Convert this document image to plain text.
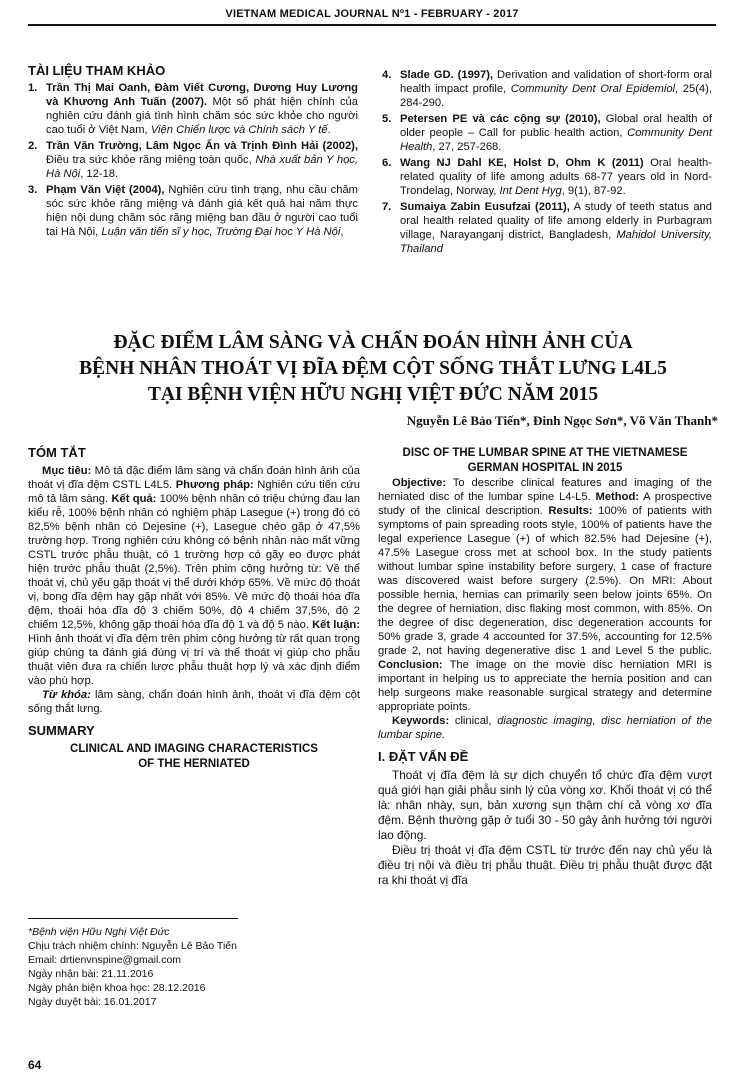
VIETNAM MEDICAL JOURNAL Nº1 - FEBRUARY - 2017
TÀI LIỆU THAM KHẢO
1. Trần Thị Mai Oanh, Đàm Viết Cương, Dương Huy Lương và Khương Anh Tuấn (2007). Một số phát hiện chính của nghiên cứu đánh giá tình hình chăm sóc sức khỏe cho người cao tuổi ở Việt Nam, Viện Chiến lược và Chính sách Y tế.
2. Trần Văn Trường, Lâm Ngọc Ấn và Trịnh Đình Hải (2002), Điều tra sức khỏe răng miệng toàn quốc, Nhà xuất bản Y học, Hà Nội, 12-18.
3. Phạm Văn Việt (2004), Nghiên cứu tình trạng, nhu cầu chăm sóc sức khỏe răng miệng và đánh giá kết quả hai năm thực hiện nội dung chăm sóc răng miệng ban đầu ở người cao tuổi tại Hà Nội, Luận văn tiến sĩ y học, Trường Đại học Y Hà Nội,
4. Slade GD. (1997), Derivation and validation of short-form oral health impact profile, Community Dent Oral Epidemiol, 25(4), 284-290.
5. Petersen PE và các cộng sự (2010), Global oral health of older people – Call for public health action, Community Dent Health, 27, 257-268.
6. Wang NJ Dahl KE, Holst D, Ohm K (2011) Oral health-related quality of life among adults 68-77 years old in Nord-Trondelag, Norway, Int Dent Hyg, 9(1), 87-92.
7. Sumaiya Zabin Eusufzai (2011), A study of teeth status and oral health related quality of life among elderly in Purbagram village, Narayanganj district, Bangladesh, Mahidol University, Thailand
ĐẶC ĐIỂM LÂM SÀNG VÀ CHẨN ĐOÁN HÌNH ẢNH CỦA
BỆNH NHÂN THOÁT VỊ ĐĨA ĐỆM CỘT SỐNG THẮT LƯNG L4L5
TẠI BỆNH VIỆN HỮU NGHỊ VIỆT ĐỨC NĂM 2015
Nguyễn Lê Bảo Tiến*, Đinh Ngọc Sơn*, Võ Văn Thanh*
TÓM TẮT

Mục tiêu: Mô tả đặc điểm lâm sàng và chẩn đoán hình ảnh của thoát vị đĩa đệm CSTL L4L5. Phương pháp: Nghiên cứu tiến cứu mô tả lâm sàng. Kết quả: 100% bệnh nhân có triệu chứng đau lan kiểu rễ, 100% bệnh nhân có nghiệm pháp Lasegue (+) trong đó có 82,5% bệnh nhân có Dejesine (+), Lasegue chéo gặp ở 47,5% trường hợp. Trong nghiên cứu không có bệnh nhân nào mất vững CSTL trước phẫu thuật, có 1 trường hợp có gãy eo được phát hiện trước phẫu thuật (2,5%). Trên phim cộng hưởng từ: Về thể thoát vị, chủ yếu gặp thoát vị thể dưới khớp 65%. Về mức độ thoát vị, bong đĩa đệm hay gặp nhất với 85%. Về mức độ thoái hóa đĩa đệm, thoái hóa đĩa độ 3 chiếm 50%, độ 4 chiếm 37,5%, độ 2 chiếm 12,5%, không gặp thoái hóa đĩa độ 1 và độ 5 nào. Kết luận: Hình ảnh thoát vị đĩa đệm trên phim cộng hưởng từ rất quan trọng giúp chúng ta đánh giá đúng vị trí và thể thoát vị giúp cho phẫu thuật viên đưa ra chiến lược phẫu thuật hợp lý và xác định điểm vào phù hợp.

Từ khóa: lâm sàng, chẩn đoán hình ảnh, thoát vị đĩa đệm cột sống thắt lưng.

SUMMARY
CLINICAL AND IMAGING CHARACTERISTICS OF THE HERNIATED
*Bệnh viện Hữu Nghị Việt Đức
Chịu trách nhiệm chính: Nguyễn Lê Bảo Tiến
Email: drtienvnspine@gmail.com
Ngày nhận bài: 21.11.2016
Ngày phản biện khoa học: 28.12.2016
Ngày duyệt bài: 16.01.2017
DISC OF THE LUMBAR SPINE AT THE VIETNAMESE GERMAN HOSPITAL IN 2015

Objective: To describe clinical features and imaging of the herniated disc of the lumbar spine L4-L5. Method: A prospective study of the clinical description. Results: 100% of patients with symptoms of pain spreading roots style, 100% of patients have the legal experience Lasegue (+) of which 82.5% had Dejesine (+), 47.5% Lasegue cross met at school box. In the study patients without lumbar spine instability before surgery, 1 case of fracture was discovered waist before surgery (2.5%). On MRI: About possible hernia, hernias can primarily seen below joints 65%. On the degree of herniation, disc flaking most common, with 85%. On the degree of disc degeneration, disc degeneration accounts for 50% grade 3, grade 4 accounted for 37.5%, accounting for 12.5% grade 2, not having degenerative disc 1 and Level 5 the public. Conclusion: The image on the movie disc herniation MRI is important in helping us to appreciate the hernia position and can help surgeons make reasonable surgical strategy and determine appropriate points.

Keywords: clinical, diagnostic imaging, disc herniation of the lumbar spine.

I. ĐẶT VẤN ĐỀ

Thoát vị đĩa đệm là sự dịch chuyển tổ chức đĩa đệm vượt quá giới hạn giải phẫu sinh lý của vòng xơ. Khối thoát vị có thể là: nhân nhày, sụn, bản xương sụn thậm chí cả vòng xơ đĩa đệm. Bệnh thường gặp ở tuổi 30 - 50 gây ảnh hưởng tới người lao động.

Điều trị thoát vị đĩa đệm CSTL từ trước đến nay chủ yếu là điều trị nội và điều trị phẫu thuật. Điều trị phẫu thuật được đặt ra khi thoát vị đĩa

64
